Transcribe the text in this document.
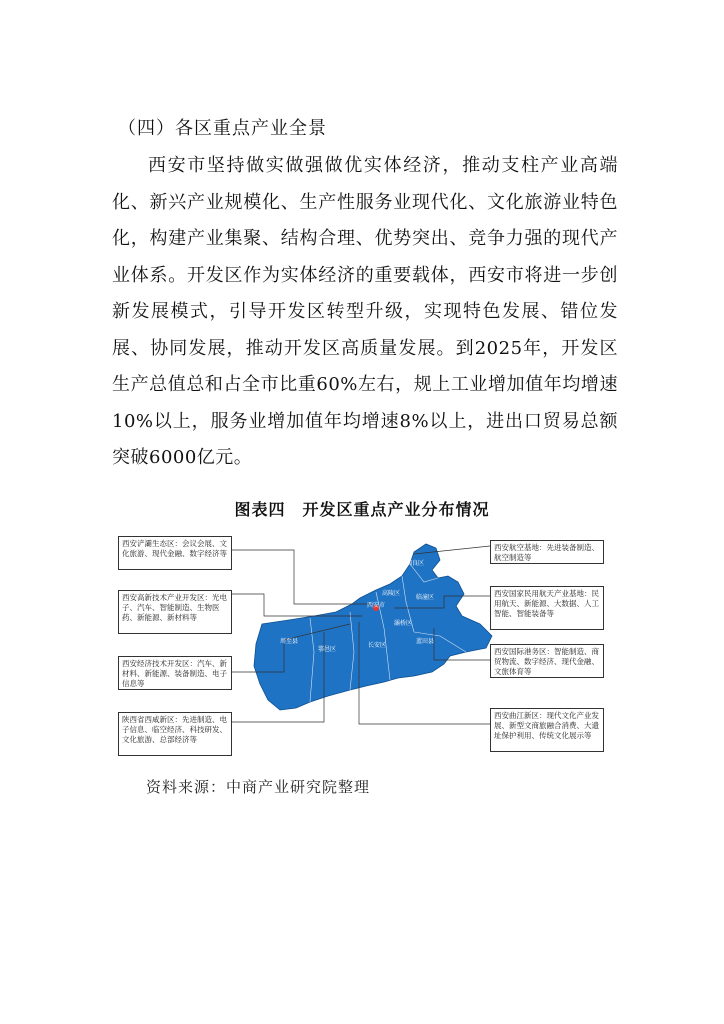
（四）各区重点产业全景
西安市坚持做实做强做优实体经济，推动支柱产业高端化、新兴产业规模化、生产性服务业现代化、文化旅游业特色化，构建产业集聚、结构合理、优势突出、竞争力强的现代产业体系。开发区作为实体经济的重要载体，西安市将进一步创新发展模式，引导开发区转型升级，实现特色发展、错位发展、协同发展，推动开发区高质量发展。到2025年，开发区生产总值总和占全市比重60%左右，规上工业增加值年均增速10%以上，服务业增加值年均增速8%以上，进出口贸易总额突破6000亿元。
图表四　开发区重点产业分布情况
西安市
阎良区
临潼区
高陵区
灞桥区
蓝田县
长安区
鄠邑区
周至县
西安浐灞生态区：会议会展、文化旅游、现代金融、数字经济等
西安高新技术产业开发区：光电子、汽车、智能制造、生物医药、新能源、新材料等
西安经济技术开发区：汽车、新材料、新能源、装备制造、电子信息等
陕西省西咸新区：先进制造、电子信息、临空经济、科技研发、文化旅游、总部经济等
西安航空基地：先进装备制造、航空制造等
西安国家民用航天产业基地：民用航天、新能源、大数据、人工智能、智能装备等
西安国际港务区：智能制造、商贸物流、数字经济、现代金融、文旅体育等
西安曲江新区：现代文化产业发展、新型文商旅融合消费、大遗址保护利用、传统文化展示等
资料来源：中商产业研究院整理
